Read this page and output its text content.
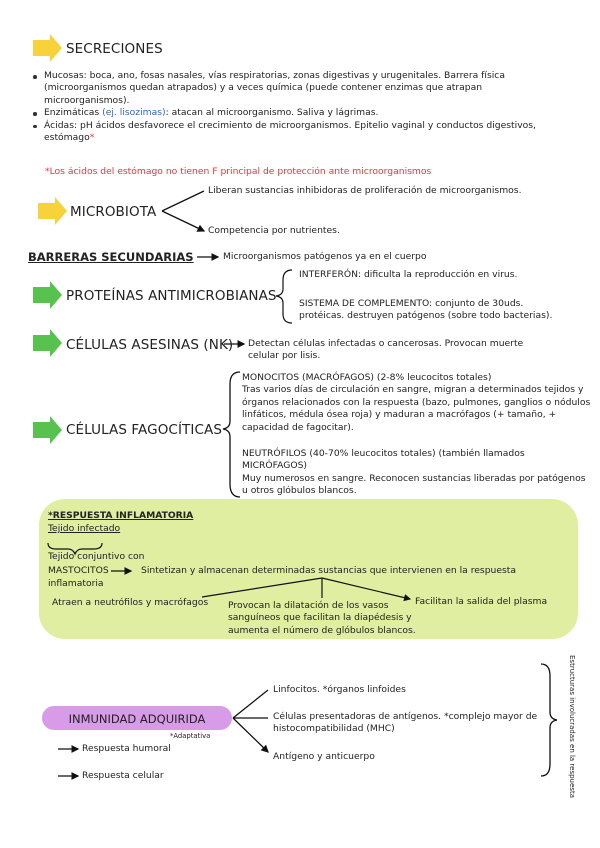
SECRECIONES
Mucosas: boca, ano, fosas nasales, vías respiratorias, zonas digestivas y urugenitales. Barrera física (microorganismos quedan atrapados) y a veces química (puede contener enzimas que atrapan microorganismos).
Enzimáticas (ej. lisozimas): atacan al microorganismo. Saliva y lágrimas.
Ácidas: pH ácidos desfavorece el crecimiento de microorganismos. Epitelio vaginal y conductos digestivos, estómago*
*Los ácidos del estómago no tienen F principal de protección ante microorganismos
MICROBIOTA
Liberan sustancias inhibidoras de proliferación de microorganismos.
Competencia por nutrientes.
BARRERAS SECUNDARIAS	Microorganismos patógenos ya en el cuerpo
PROTEÍNAS ANTIMICROBIANAS
INTERFERÓN: dificulta la reproducción en virus.
SISTEMA DE COMPLEMENTO: conjunto de 30uds. protéicas. destruyen patógenos (sobre todo bacterias).
CÉLULAS ASESINAS (NK) Detectan células infectadas o cancerosas. Provocan muerte celular por lisis.
CÉLULAS FAGOCÍTICAS
MONOCITOS (MACRÓFAGOS) (2-8% leucocitos totales)
Tras varios días de circulación en sangre, migran a determinados tejidos y órganos relacionados con la respuesta (bazo, pulmones, ganglios o nódulos linfáticos, médula ósea roja) y maduran a macrófagos (+ tamaño, + capacidad de fagocitar).
NEUTRÓFILOS (40-70% leucocitos totales) (también llamados MICRÓFAGOS)
Muy numerosos en sangre. Reconocen sustancias liberadas por patógenos u otros glóbulos blancos.
*RESPUESTA INFLAMATORIA
Tejido infectado
Tejido conjuntivo con
MASTOCITOS
inflamatoria
Sintetizan y almacenan determinadas sustancias que intervienen en la respuesta
Atraen a neutrófilos y macrófagos Provocan la dilatación de los vasos sanguíneos que facilitan la diapédesis y aumenta el número de glóbulos blancos.
Facilitan la salida del plasma
INMUNIDAD ADQUIRIDA
*Adaptativa
Linfocitos. *órganos linfoides
Células presentadoras de antígenos. *complejo mayor de histocompatibilidad (MHC)
Antígeno y anticuerpo
Respuesta humoral
Respuesta celular	Estructuras involucradas en la respuesta
